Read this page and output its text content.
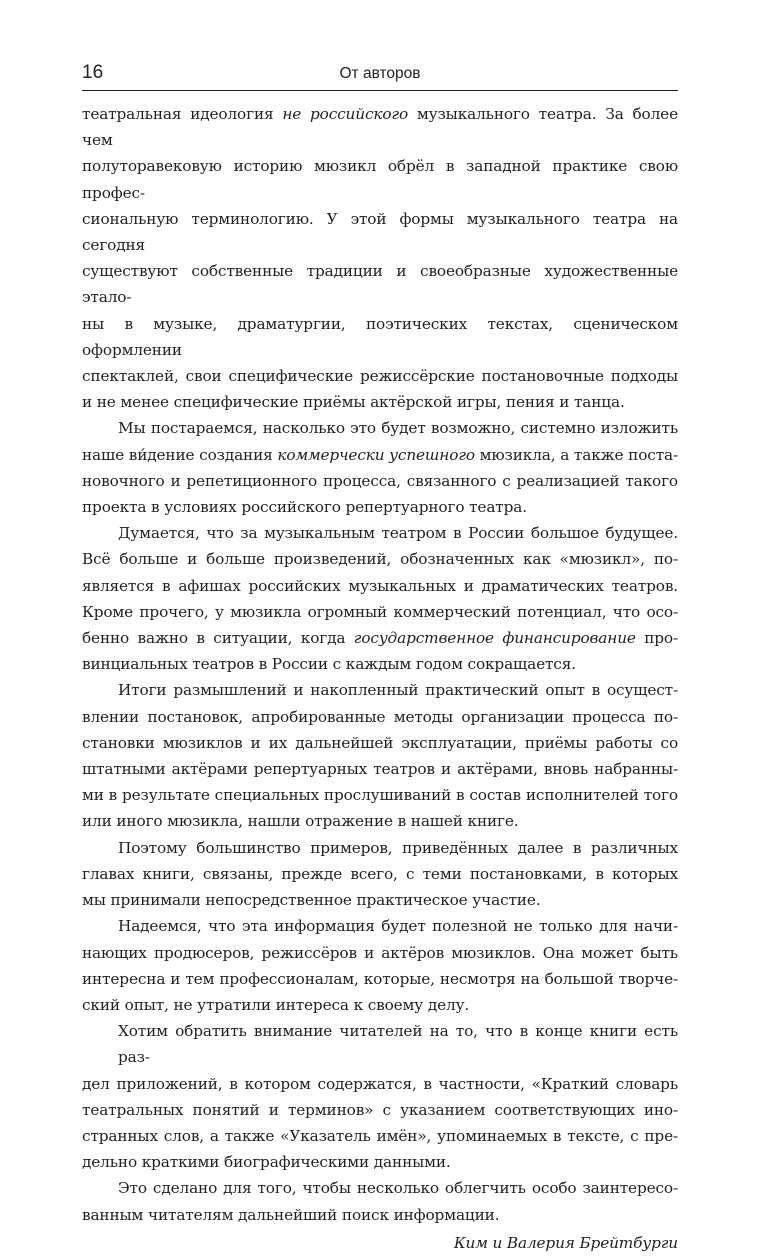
16	От авторов
театральная идеология не российского музыкального театра. За более чем
полуторавековую историю мюзикл обрёл в западной практике свою профес-
сиональную терминологию. У этой формы музыкального театра на сегодня
существуют собственные традиции и своеобразные художественные этало-
ны в музыке, драматургии, поэтических текстах, сценическом оформлении
спектаклей, свои специфические режиссёрские постановочные подходы
и не менее специфические приёмы актёрской игры, пения и танца.
Мы постараемся, насколько это будет возможно, системно изложить
наше ви́дение создания коммерчески успешного мюзикла, а также поста-
новочного и репетиционного процесса, связанного с реализацией такого
проекта в условиях российского репертуарного театра.
Думается, что за музыкальным театром в России большое будущее.
Всё больше и больше произведений, обозначенных как «мюзикл», по-
является в афишах российских музыкальных и драматических театров.
Кроме прочего, у мюзикла огромный коммерческий потенциал, что осо-
бенно важно в ситуации, когда государственное финансирование про-
винциальных театров в России с каждым годом сокращается.
Итоги размышлений и накопленный практический опыт в осущест-
влении постановок, апробированные методы организации процесса по-
становки мюзиклов и их дальнейшей эксплуатации, приёмы работы со
штатными актёрами репертуарных театров и актёрами, вновь набранны-
ми в результате специальных прослушиваний в состав исполнителей того
или иного мюзикла, нашли отражение в нашей книге.
Поэтому большинство примеров, приведённых далее в различных
главах книги, связаны, прежде всего, с теми постановками, в которых
мы принимали непосредственное практическое участие.
Надеемся, что эта информация будет полезной не только для начи-
нающих продюсеров, режиссёров и актёров мюзиклов. Она может быть
интересна и тем профессионалам, которые, несмотря на большой творче-
ский опыт, не утратили интереса к своему делу.
Хотим обратить внимание читателей на то, что в конце книги есть раз-
дел приложений, в котором содержатся, в частности, «Краткий словарь
театральных понятий и терминов» с указанием соответствующих ино-
странных слов, а также «Указатель имён», упоминаемых в тексте, с пре-
дельно краткими биографическими данными.
Это сделано для того, чтобы несколько облегчить особо заинтересо-
ванным читателям дальнейший поиск информации.

Ким и Валерия Брейтбурги
